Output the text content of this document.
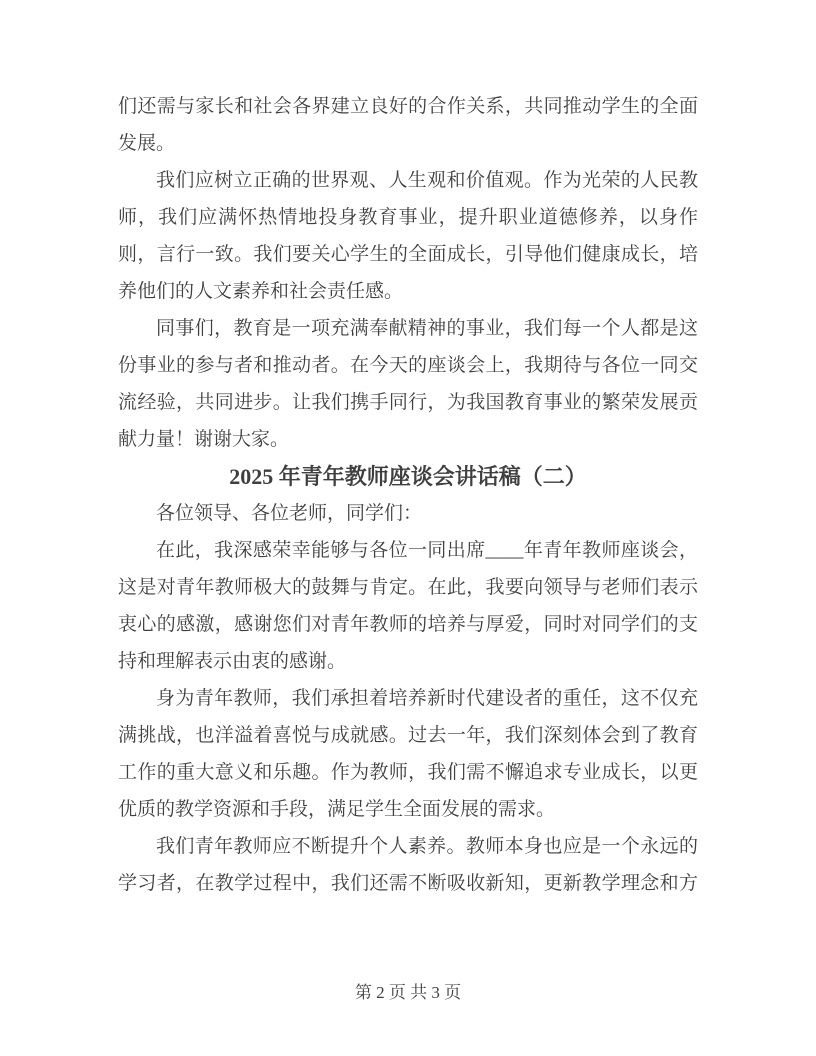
们还需与家长和社会各界建立良好的合作关系，共同推动学生的全面
发展。
我们应树立正确的世界观、人生观和价值观。作为光荣的人民教
师，我们应满怀热情地投身教育事业，提升职业道德修养，以身作
则，言行一致。我们要关心学生的全面成长，引导他们健康成长，培
养他们的人文素养和社会责任感。
同事们，教育是一项充满奉献精神的事业，我们每一个人都是这
份事业的参与者和推动者。在今天的座谈会上，我期待与各位一同交
流经验，共同进步。让我们携手同行，为我国教育事业的繁荣发展贡
献力量！谢谢大家。
2025 年青年教师座谈会讲话稿（二）
各位领导、各位老师，同学们：
在此，我深感荣幸能够与各位一同出席____年青年教师座谈会，
这是对青年教师极大的鼓舞与肯定。在此，我要向领导与老师们表示
衷心的感激，感谢您们对青年教师的培养与厚爱，同时对同学们的支
持和理解表示由衷的感谢。
身为青年教师，我们承担着培养新时代建设者的重任，这不仅充
满挑战，也洋溢着喜悦与成就感。过去一年，我们深刻体会到了教育
工作的重大意义和乐趣。作为教师，我们需不懈追求专业成长，以更
优质的教学资源和手段，满足学生全面发展的需求。
我们青年教师应不断提升个人素养。教师本身也应是一个永远的
学习者，在教学过程中，我们还需不断吸收新知，更新教学理念和方
第 2 页 共 3 页
